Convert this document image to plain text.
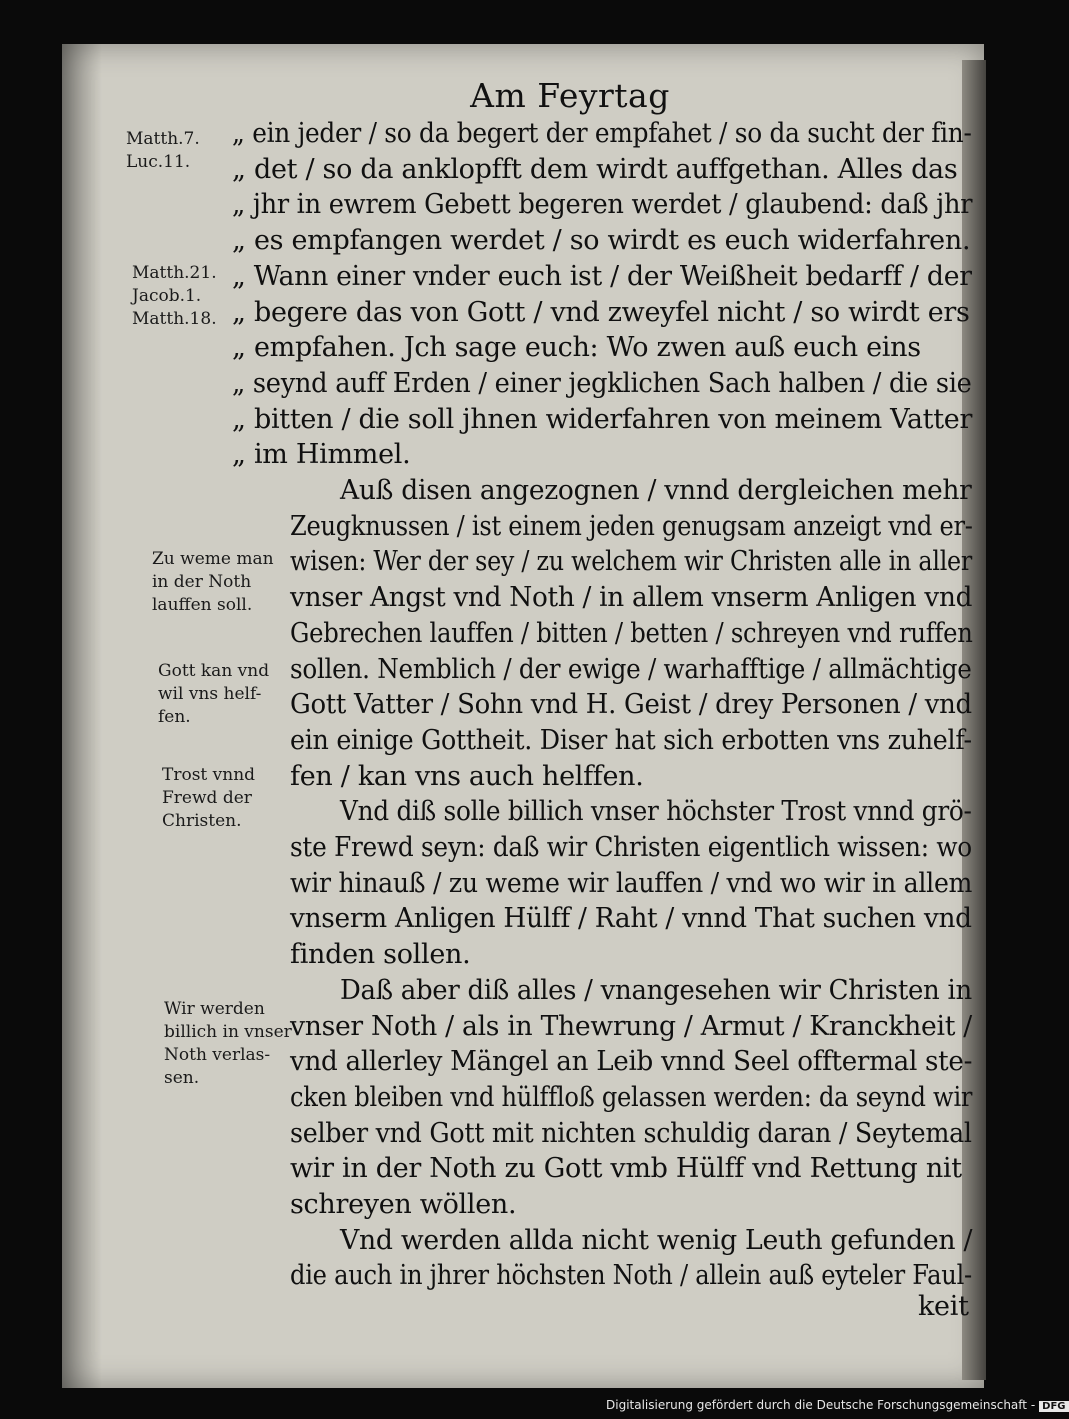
Am Feyrtag
Matth.7.
Luc.11.
Matth.21.
Jacob.1.
Matth.18.
Zu weme man
in der Noth
lauffen soll.
Gott kan vnd
wil vns helf-
fen.
Trost vnnd
Frewd der
Christen.
Wir werden
billich in vnser
Noth verlas-
sen.
„ ein jeder / so da begert der empfahet / so da sucht der fin-
„ det / so da anklopfft dem wirdt auffgethan. Alles das
„ jhr in ewrem Gebett begeren werdet / glaubend: daß jhr
„ es empfangen werdet / so wirdt es euch widerfahren.
„ Wann einer vnder euch ist / der Weißheit bedarff / der
„ begere das von Gott / vnd zweyfel nicht / so wirdt ers
„ empfahen. Jch sage euch: Wo zwen auß euch eins
„ seynd auff Erden / einer jegklichen Sach halben / die sie
„ bitten / die soll jhnen widerfahren von meinem Vatter
„ im Himmel.
Auß disen angezognen / vnnd dergleichen mehr
Zeugknussen / ist einem jeden genugsam anzeigt vnd er-
wisen: Wer der sey / zu welchem wir Christen alle in aller
vnser Angst vnd Noth / in allem vnserm Anligen vnd
Gebrechen lauffen / bitten / betten / schreyen vnd ruffen
sollen. Nemblich / der ewige / warhafftige / allmächtige
Gott Vatter / Sohn vnd H. Geist / drey Personen / vnd
ein einige Gottheit. Diser hat sich erbotten vns zuhelf-
fen / kan vns auch helffen.
Vnd diß solle billich vnser höchster Trost vnnd grö-
ste Frewd seyn: daß wir Christen eigentlich wissen: wo
wir hinauß / zu weme wir lauffen / vnd wo wir in allem
vnserm Anligen Hülff / Raht / vnnd That suchen vnd
finden sollen.
Daß aber diß alles / vnangesehen wir Christen in
vnser Noth / als in Thewrung / Armut / Kranckheit /
vnd allerley Mängel an Leib vnnd Seel offtermal ste-
cken bleiben vnd hülffloß gelassen werden: da seynd wir
selber vnd Gott mit nichten schuldig daran / Seytemal
wir in der Noth zu Gott vmb Hülff vnd Rettung nit
schreyen wöllen.
Vnd werden allda nicht wenig Leuth gefunden /
die auch in jhrer höchsten Noth / allein auß eyteler Faul-
keit
Digitalisierung gefördert durch die Deutsche Forschungsgemeinschaft - DFG
